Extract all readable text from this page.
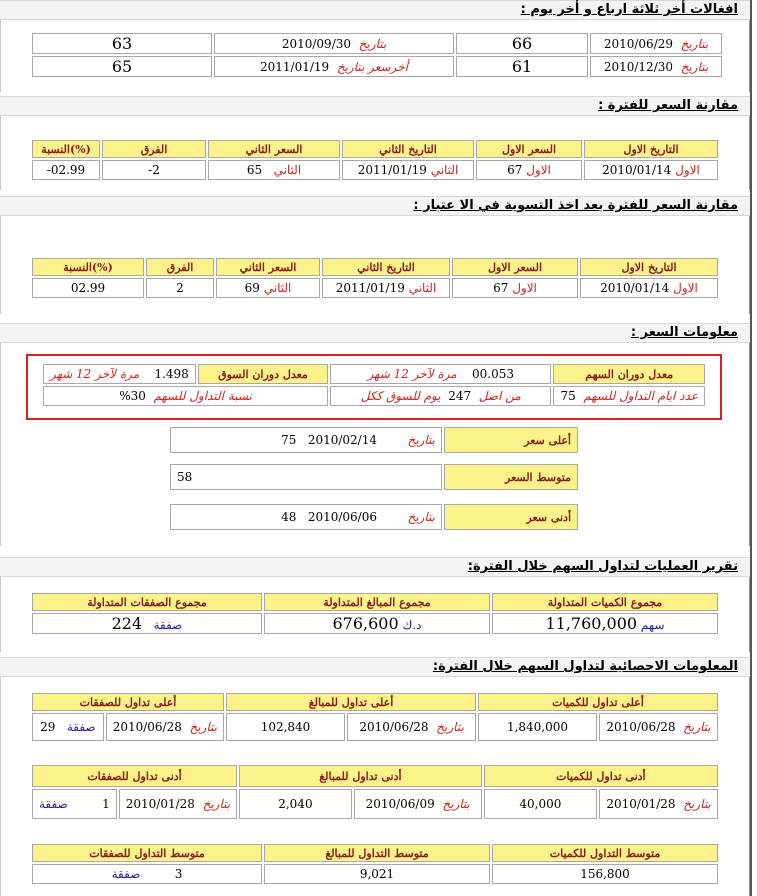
افغالات أخر ثلاثة ارباع و أخر يوم :
بتاريخ  2010/06/29	66	بتاريخ  2010/09/30	63
بتاريخ  2010/12/30	61	أخرسعر بتاريخ  2011/01/19	65
مقارنة السعر للفترة :
التاريخ الاول	السعر الاول	التاريخ الثاني	السعر الثاني	الفرق	(%)النسبة
الاول 2010/01/14	الاول 67	الثاني 2011/01/19	الثاني   65	-2	-02.99
مقارنة السعر للفترة بعد اخذ التسوية في الا عتبار :
التاريخ الاول	السعر الاول	التاريخ الثاني	السعر الثاني	الفرق	(%)النسبة
الاول 2010/01/14	الاول 67	الثاني 2011/01/19	الثاني 69	2	02.99
معلومات السعر :
معدل دوران السهم	00.053    مرة لآخر 12 شهر	معدل دوران السوق	1.498    مرة لآخر 12 شهر
عدد ايام التداول للسهم  75	من اصل  247  يوم للسوق ككل	نسبة التداول للسهم  30%	
أعلى سعر	بتاريخ        2010/02/14   75
متوسط السعر	58
أدنى سعر	بتاريخ        2010/06/06   48
تقرير العمليات لتداول السهم خلال الفترة:
مجموع الكميات المتداولة	مجموع المبالغ المتداولة	مجموع الصفقات المتداولة
سهم 11,760,000	د.ك 676,600	صفقة   224
المعلومات الاحصائية لتداول السهم خلال الفترة:
أعلى تداول للكميات		أعلى تداول للمبالغ		أعلى تداول للصفقات	
بتاريخ  2010/06/28	1,840,000	بتاريخ  2010/06/28	102,840	بتاريخ  2010/06/28	صفقة   29
أدنى تداول للكميات		أدنى تداول للمبالغ		أدنى تداول للصفقات	
بتاريخ  2010/01/28	40,000	بتاريخ  2010/06/09	2,040	بتاريخ  2010/01/28	1         صفقة
متوسط التداول للكميات	متوسط التداول للمبالغ	متوسط التداول للصفقات
156,800	9,021	3         صفقة
